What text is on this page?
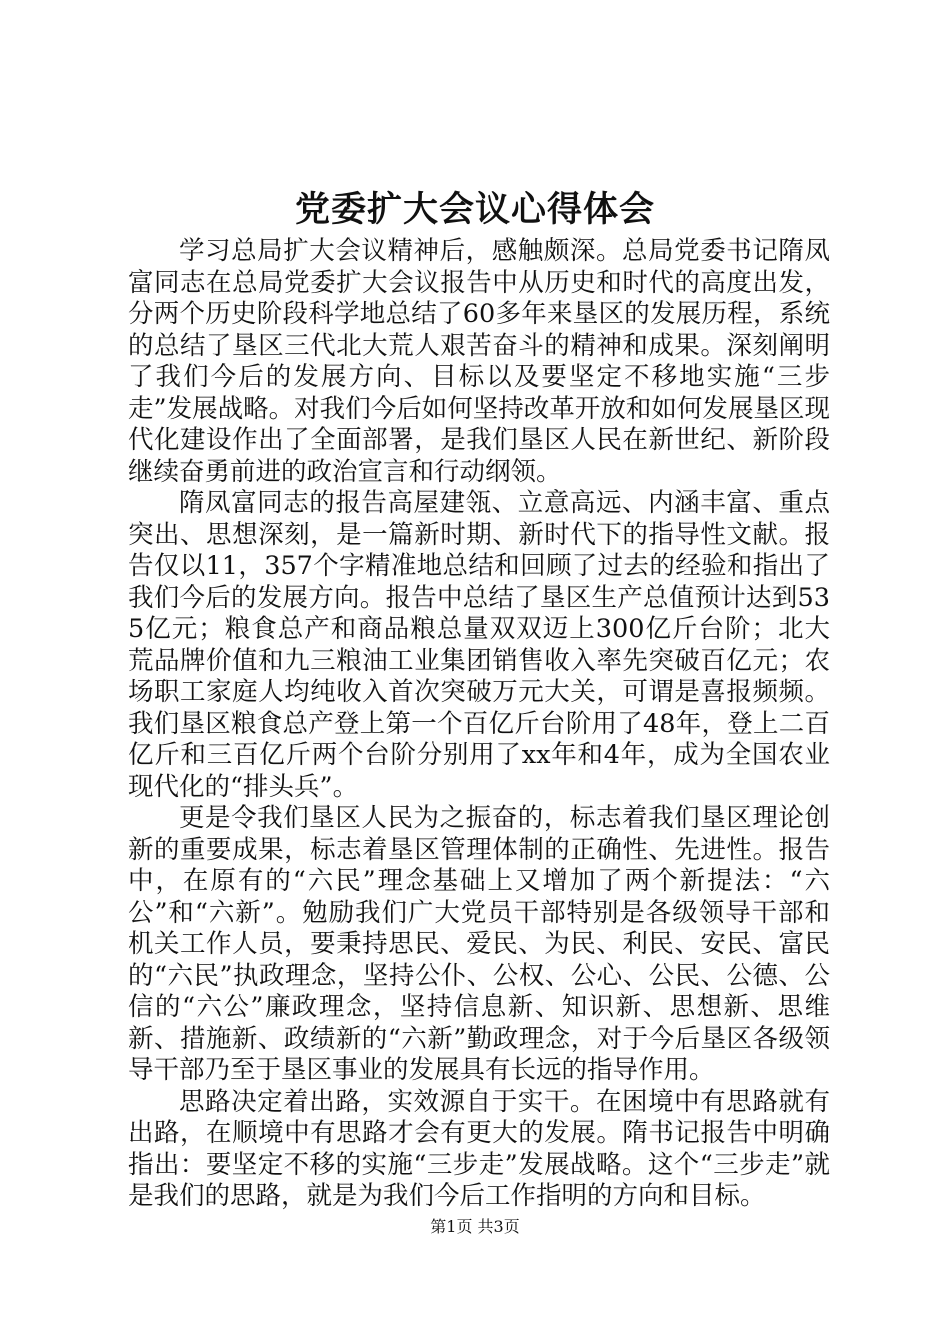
党委扩大会议心得体会

学习总局扩大会议精神后，感触颇深。总局党委书记隋凤富同志在总局党委扩大会议报告中从历史和时代的高度出发，分两个历史阶段科学地总结了60多年来垦区的发展历程，系统的总结了垦区三代北大荒人艰苦奋斗的精神和成果。深刻阐明了我们今后的发展方向、目标以及要坚定不移地实施“三步走”发展战略。对我们今后如何坚持改革开放和如何发展垦区现代化建设作出了全面部署，是我们垦区人民在新世纪、新阶段继续奋勇前进的政治宣言和行动纲领。

隋凤富同志的报告高屋建瓴、立意高远、内涵丰富、重点突出、思想深刻，是一篇新时期、新时代下的指导性文献。报告仅以11，357个字精准地总结和回顾了过去的经验和指出了我们今后的发展方向。报告中总结了垦区生产总值预计达到535亿元；粮食总产和商品粮总量双双迈上300亿斤台阶；北大荒品牌价值和九三粮油工业集团销售收入率先突破百亿元；农场职工家庭人均纯收入首次突破万元大关，可谓是喜报频频。我们垦区粮食总产登上第一个百亿斤台阶用了48年，登上二百亿斤和三百亿斤两个台阶分别用了xx年和4年，成为全国农业现代化的“排头兵”。

更是令我们垦区人民为之振奋的，标志着我们垦区理论创新的重要成果，标志着垦区管理体制的正确性、先进性。报告中，在原有的“六民”理念基础上又增加了两个新提法：“六公”和“六新”。勉励我们广大党员干部特别是各级领导干部和机关工作人员，要秉持思民、爱民、为民、利民、安民、富民的“六民”执政理念，坚持公仆、公权、公心、公民、公德、公信的“六公”廉政理念，坚持信息新、知识新、思想新、思维新、措施新、政绩新的“六新”勤政理念，对于今后垦区各级领导干部乃至于垦区事业的发展具有长远的指导作用。

思路决定着出路，实效源自于实干。在困境中有思路就有出路，在顺境中有思路才会有更大的发展。隋书记报告中明确指出：要坚定不移的实施“三步走”发展战略。这个“三步走”就是我们的思路，就是为我们今后工作指明的方向和目标。

第1页 共3页
